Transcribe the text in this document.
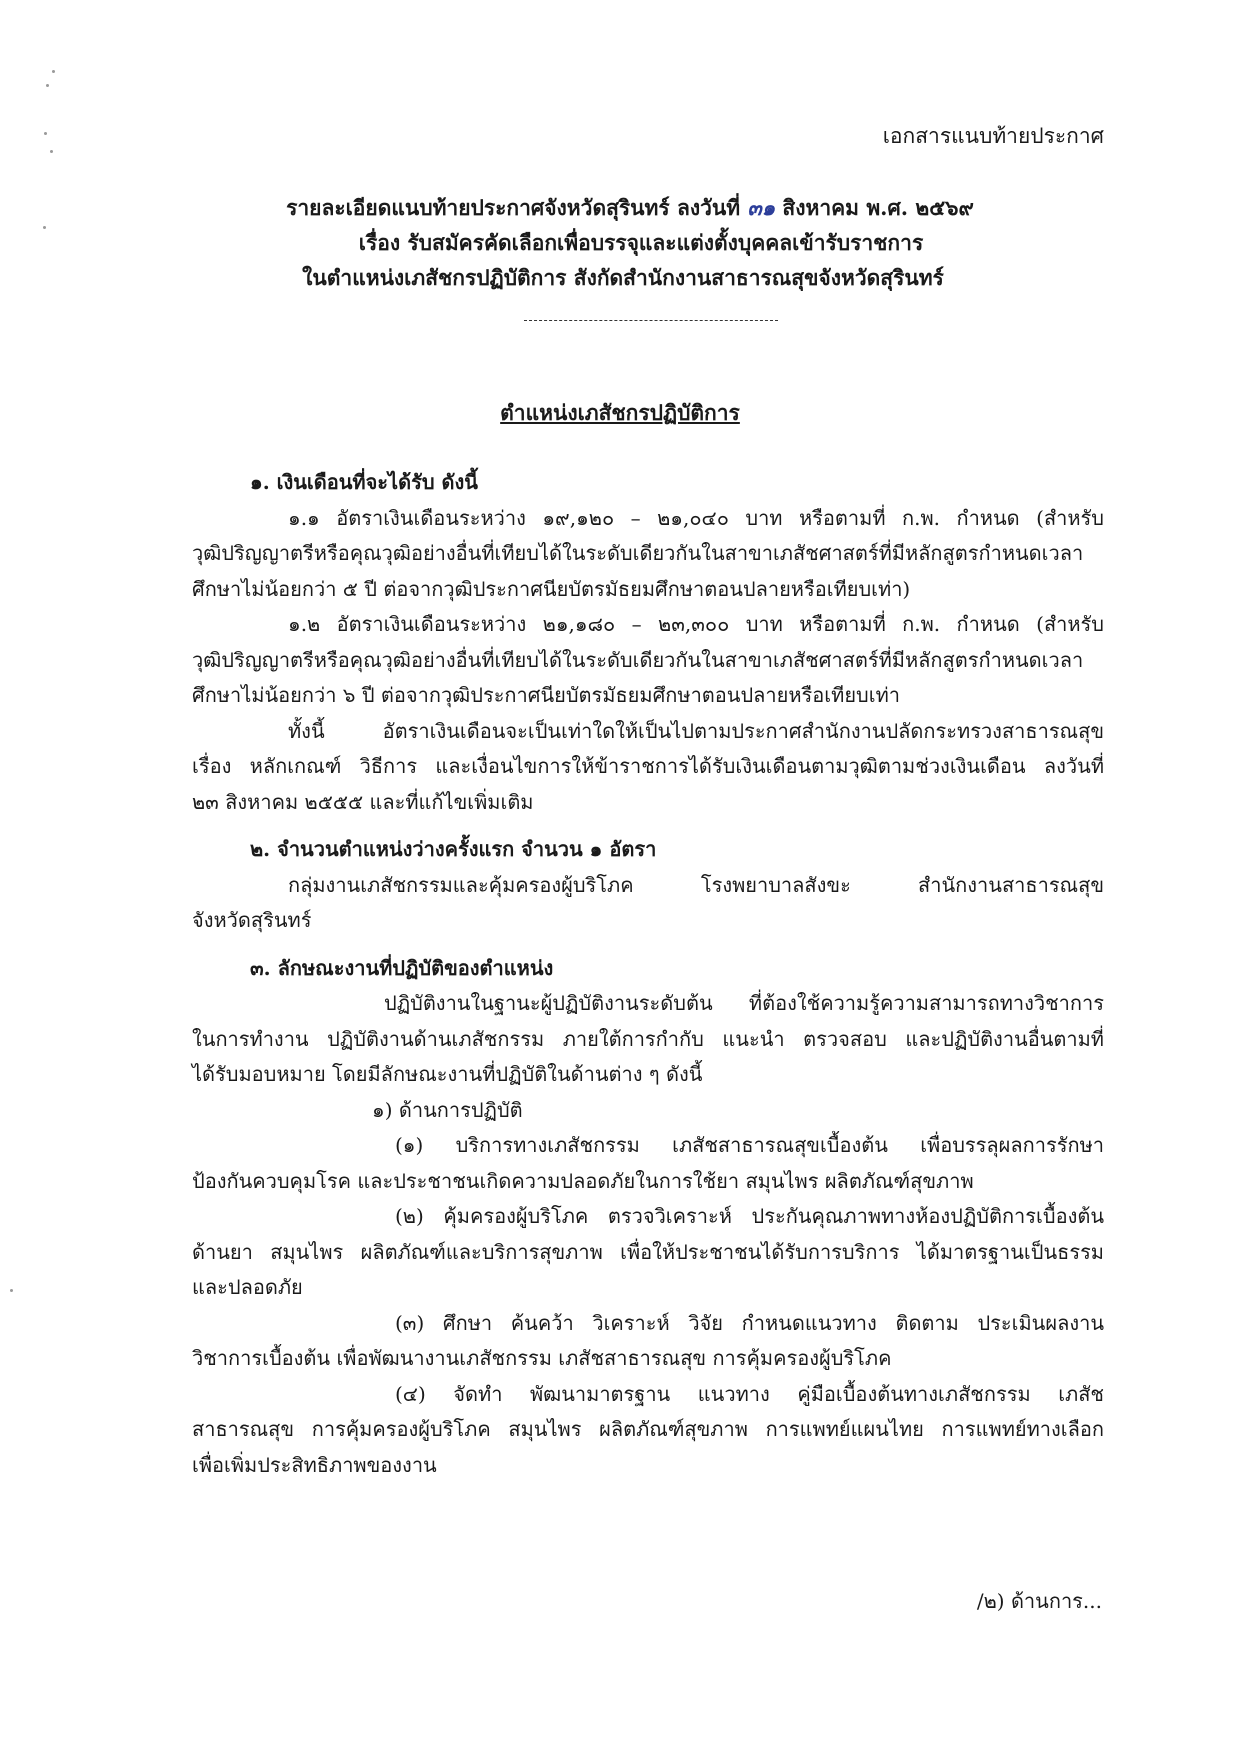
เอกสารแนบท้ายประกาศ
รายละเอียดแนบท้ายประกาศจังหวัดสุรินทร์ ลงวันที่ ๓๑ สิงหาคม พ.ศ. ๒๕๖๙
เรื่อง รับสมัครคัดเลือกเพื่อบรรจุและแต่งตั้งบุคคลเข้ารับราชการ
ในตำแหน่งเภสัชกรปฏิบัติการ สังกัดสำนักงานสาธารณสุขจังหวัดสุรินทร์
ตำแหน่งเภสัชกรปฏิบัติการ
๑. เงินเดือนที่จะได้รับ ดังนี้
๑.๑ อัตราเงินเดือนระหว่าง ๑๙,๑๒๐ – ๒๑,๐๔๐ บาท หรือตามที่ ก.พ. กำหนด (สำหรับ
วุฒิปริญญาตรีหรือคุณวุฒิอย่างอื่นที่เทียบได้ในระดับเดียวกันในสาขาเภสัชศาสตร์ที่มีหลักสูตรกำหนดเวลา
ศึกษาไม่น้อยกว่า ๕ ปี ต่อจากวุฒิประกาศนียบัตรมัธยมศึกษาตอนปลายหรือเทียบเท่า)
๑.๒ อัตราเงินเดือนระหว่าง ๒๑,๑๘๐ – ๒๓,๓๐๐ บาท หรือตามที่ ก.พ. กำหนด (สำหรับ
วุฒิปริญญาตรีหรือคุณวุฒิอย่างอื่นที่เทียบได้ในระดับเดียวกันในสาขาเภสัชศาสตร์ที่มีหลักสูตรกำหนดเวลา
ศึกษาไม่น้อยกว่า ๖ ปี ต่อจากวุฒิประกาศนียบัตรมัธยมศึกษาตอนปลายหรือเทียบเท่า
ทั้งนี้ อัตราเงินเดือนจะเป็นเท่าใดให้เป็นไปตามประกาศสำนักงานปลัดกระทรวงสาธารณสุข
เรื่อง หลักเกณฑ์ วิธีการ และเงื่อนไขการให้ข้าราชการได้รับเงินเดือนตามวุฒิตามช่วงเงินเดือน ลงวันที่
๒๓ สิงหาคม ๒๕๕๕ และที่แก้ไขเพิ่มเติม
๒. จำนวนตำแหน่งว่างครั้งแรก จำนวน ๑ อัตรา
กลุ่มงานเภสัชกรรมและคุ้มครองผู้บริโภค โรงพยาบาลสังขะ สำนักงานสาธารณสุข
จังหวัดสุรินทร์
๓. ลักษณะงานที่ปฏิบัติของตำแหน่ง
ปฏิบัติงานในฐานะผู้ปฏิบัติงานระดับต้น ที่ต้องใช้ความรู้ความสามารถทางวิชาการ
ในการทำงาน ปฏิบัติงานด้านเภสัชกรรม ภายใต้การกำกับ แนะนำ ตรวจสอบ และปฏิบัติงานอื่นตามที่
ได้รับมอบหมาย โดยมีลักษณะงานที่ปฏิบัติในด้านต่าง ๆ ดังนี้
๑) ด้านการปฏิบัติ
(๑) บริการทางเภสัชกรรม เภสัชสาธารณสุขเบื้องต้น เพื่อบรรลุผลการรักษา
ป้องกันควบคุมโรค และประชาชนเกิดความปลอดภัยในการใช้ยา สมุนไพร ผลิตภัณฑ์สุขภาพ
(๒) คุ้มครองผู้บริโภค ตรวจวิเคราะห์ ประกันคุณภาพทางห้องปฏิบัติการเบื้องต้น
ด้านยา สมุนไพร ผลิตภัณฑ์และบริการสุขภาพ เพื่อให้ประชาชนได้รับการบริการ ได้มาตรฐานเป็นธรรม
และปลอดภัย
(๓) ศึกษา ค้นคว้า วิเคราะห์ วิจัย กำหนดแนวทาง ติดตาม ประเมินผลงาน
วิชาการเบื้องต้น เพื่อพัฒนางานเภสัชกรรม เภสัชสาธารณสุข การคุ้มครองผู้บริโภค
(๔) จัดทำ พัฒนามาตรฐาน แนวทาง คู่มือเบื้องต้นทางเภสัชกรรม เภสัช
สาธารณสุข การคุ้มครองผู้บริโภค สมุนไพร ผลิตภัณฑ์สุขภาพ การแพทย์แผนไทย การแพทย์ทางเลือก
เพื่อเพิ่มประสิทธิภาพของงาน
/๒) ด้านการ...
